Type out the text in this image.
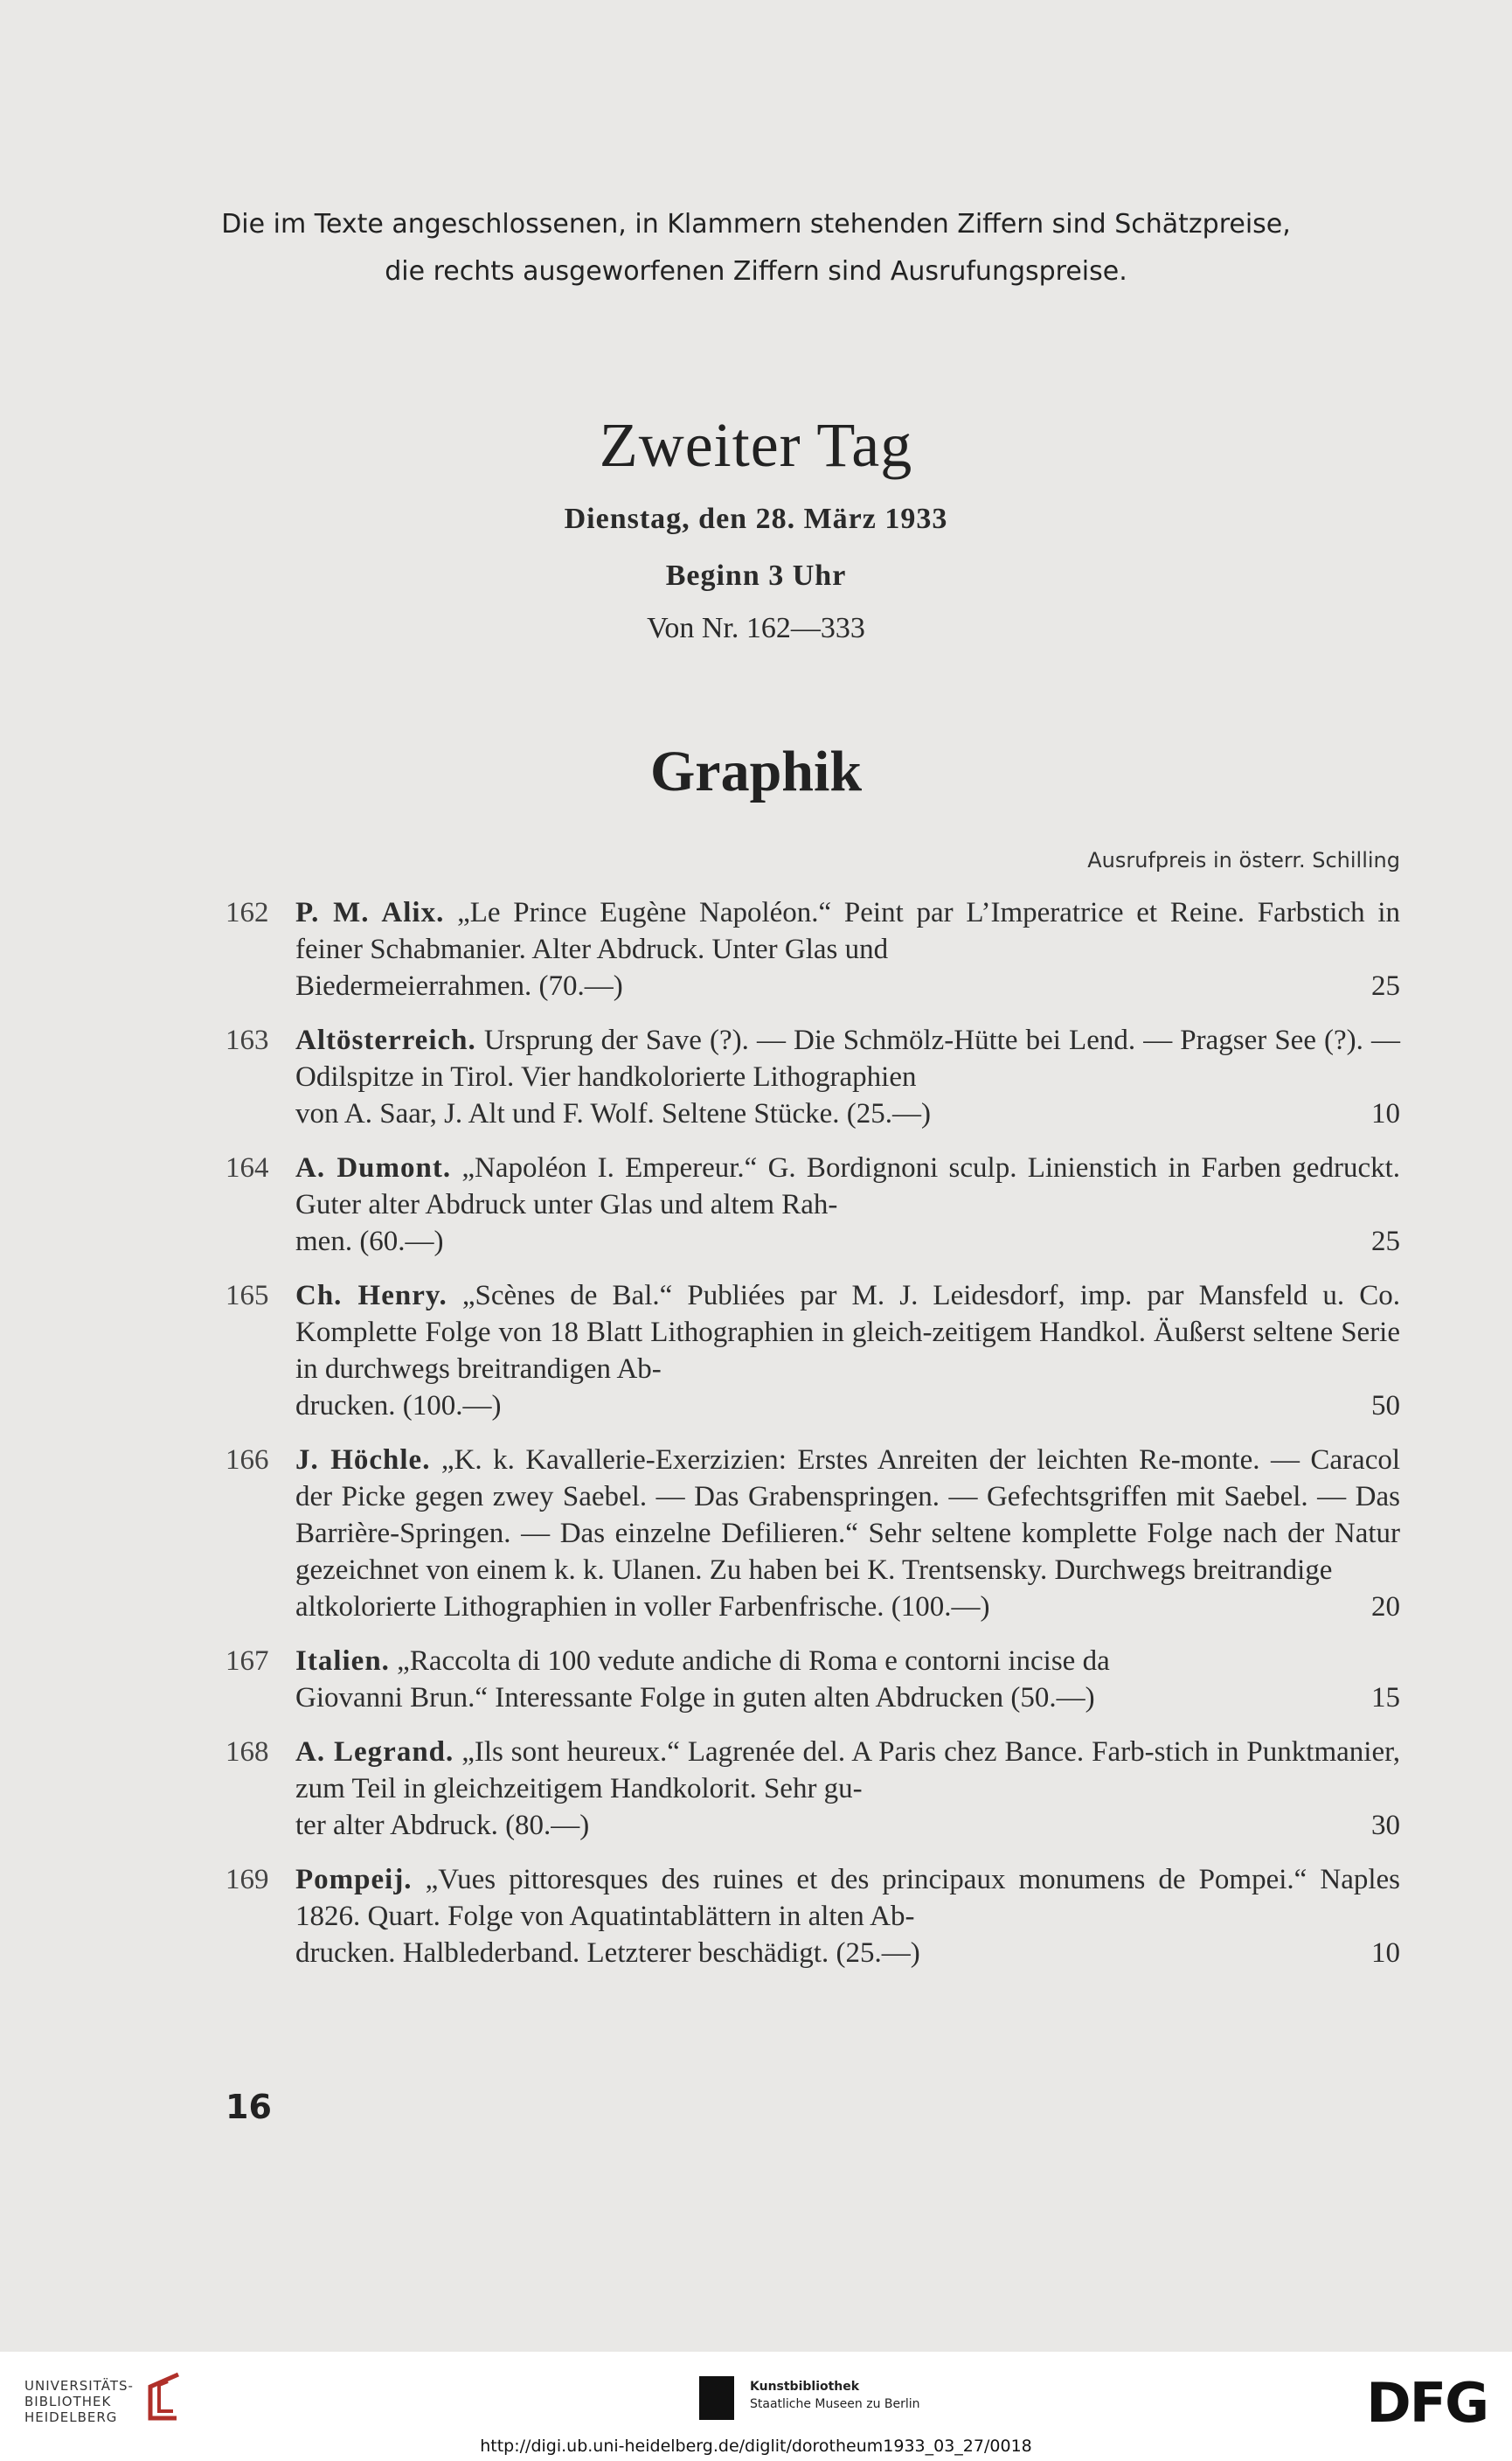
Die im Texte angeschlossenen, in Klammern stehenden Ziffern sind Schätzpreise,
die rechts ausgeworfenen Ziffern sind Ausrufungspreise.
Zweiter Tag
Dienstag, den 28. März 1933
Beginn 3 Uhr
Von Nr. 162—333
Graphik
Ausrufpreis in österr. Schilling
162 P. M. Alix. „Le Prince Eugène Napoléon.“ Peint par L’Imperatrice et Reine. Farbstich in feiner Schabmanier. Alter Abdruck. Unter Glas und
Biedermeierrahmen. (70.—)	25
163 Altösterreich. Ursprung der Save (?). — Die Schmölz-Hütte bei Lend. — Pragser See (?). — Odilspitze in Tirol. Vier handkolorierte Lithographien
von A. Saar, J. Alt und F. Wolf. Seltene Stücke. (25.—)	10
164 A. Dumont. „Napoléon I. Empereur.“ G. Bordignoni sculp. Linienstich in Farben gedruckt. Guter alter Abdruck unter Glas und altem Rah-
men. (60.—)	25
165 Ch. Henry. „Scènes de Bal.“ Publiées par M. J. Leidesdorf, imp. par Mansfeld u. Co. Komplette Folge von 18 Blatt Lithographien in gleich-zeitigem Handkol. Äußerst seltene Serie in durchwegs breitrandigen Ab-
drucken. (100.—)	50
166 J. Höchle. „K. k. Kavallerie-Exerzizien: Erstes Anreiten der leichten Re-monte. — Caracol der Picke gegen zwey Saebel. — Das Grabenspringen. — Gefechtsgriffen mit Saebel. — Das Barrière-Springen. — Das einzelne Defilieren.“ Sehr seltene komplette Folge nach der Natur gezeichnet von einem k. k. Ulanen. Zu haben bei K. Trentsensky. Durchwegs breitrandige
altkolorierte Lithographien in voller Farbenfrische. (100.—)	20
167 Italien. „Raccolta di 100 vedute andiche di Roma e contorni incise da
Giovanni Brun.“ Interessante Folge in guten alten Abdrucken (50.—)	15
168 A. Legrand. „Ils sont heureux.“ Lagrenée del. A Paris chez Bance. Farb-stich in Punktmanier, zum Teil in gleichzeitigem Handkolorit. Sehr gu-
ter alter Abdruck. (80.—)	30
169 Pompeij. „Vues pittoresques des ruines et des principaux monumens de Pompei.“ Naples 1826. Quart. Folge von Aquatintablättern in alten Ab-
drucken. Halblederband. Letzterer beschädigt. (25.—)	10
16
UNIVERSITÄTS-
BIBLIOTHEK
HEIDELBERG
Kunstbibliothek
Staatliche Museen zu Berlin	DFG
http://digi.ub.uni-heidelberg.de/diglit/dorotheum1933_03_27/0018
